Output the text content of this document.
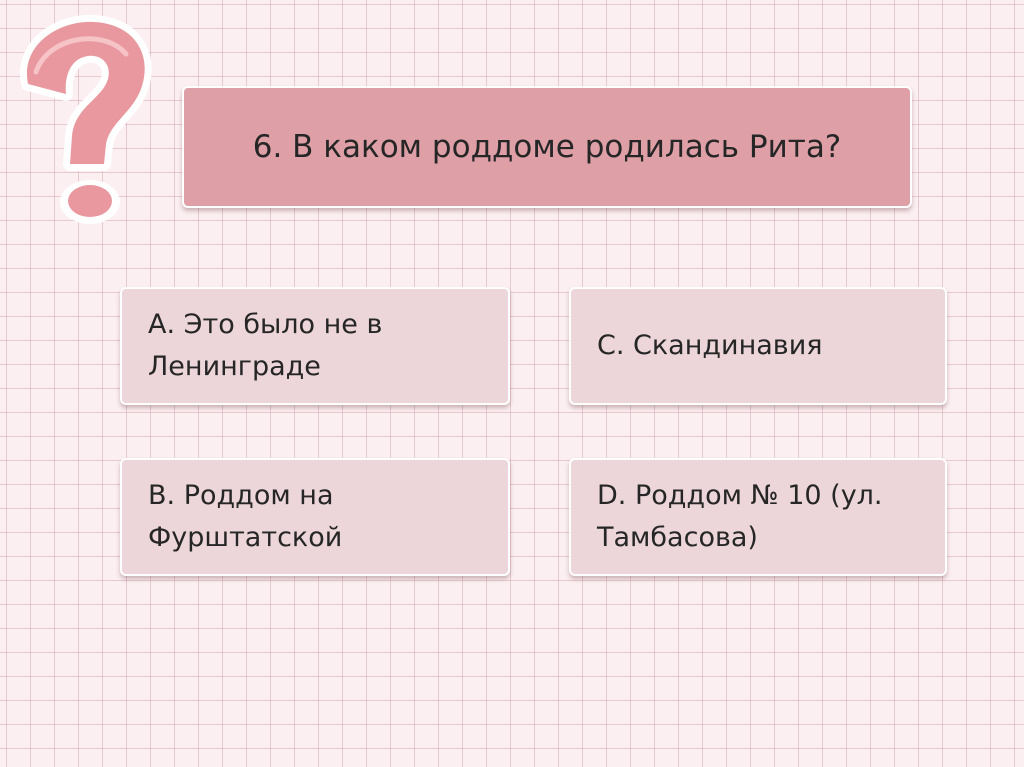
6. В каком роддоме родилась Рита?
А. Это было не в Ленинграде
С. Скандинавия
В. Роддом на Фурштатской
D. Роддом № 10 (ул. Тамбасова)
